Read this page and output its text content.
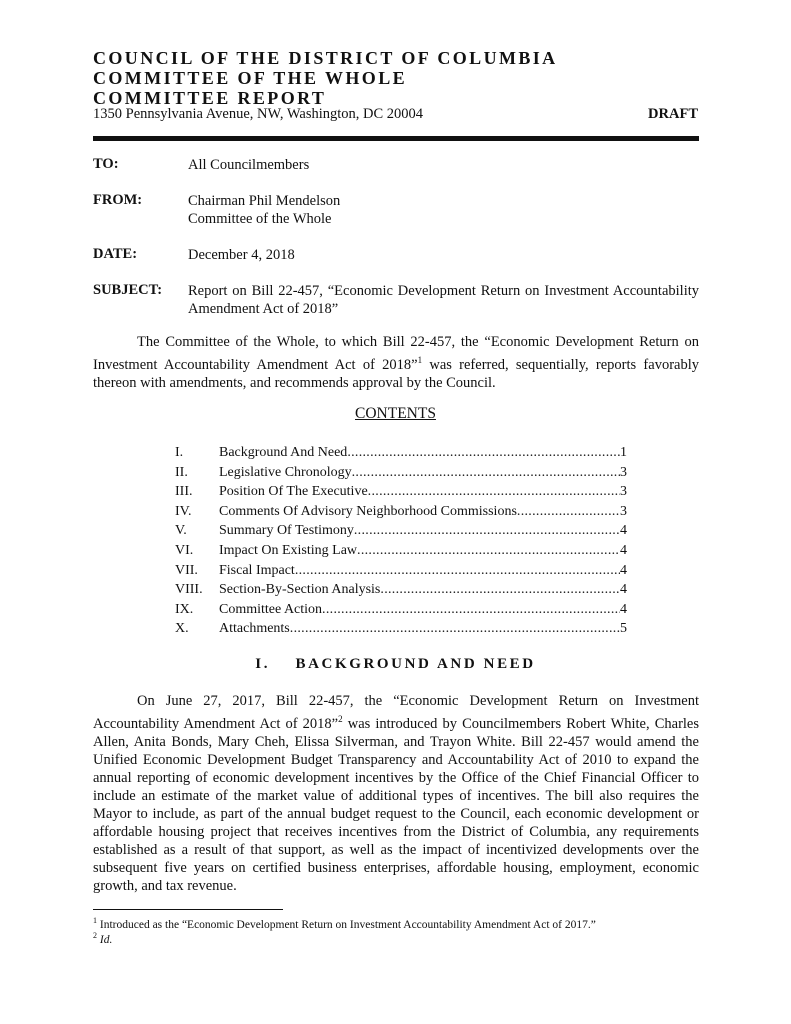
COUNCIL OF THE DISTRICT OF COLUMBIA
COMMITTEE OF THE WHOLE
COMMITTEE REPORT
1350 Pennsylvania Avenue, NW, Washington, DC 20004	DRAFT
TO:	All Councilmembers
FROM:	Chairman Phil Mendelson
Committee of the Whole
DATE:	December 4, 2018
SUBJECT: Report on Bill 22-457, “Economic Development Return on Investment Accountability Amendment Act of 2018”
The Committee of the Whole, to which Bill 22-457, the “Economic Development Return on Investment Accountability Amendment Act of 2018”$^1$ was referred, sequentially, reports favorably thereon with amendments, and recommends approval by the Council.
CONTENTS
I.	Background And Need .....	1
II.	Legislative Chronology .....	3
III.	Position Of The Executive .....	3
IV.	Comments Of Advisory Neighborhood Commissions .....	3
V.	Summary Of Testimony .....	4
VI.	Impact On Existing Law .....	4
VII.	Fiscal Impact .....	4
VIII.	Section-By-Section Analysis .....	4
IX.	Committee Action .....	4
X.	Attachments .....	5
I.    BACKGROUND AND NEED
On June 27, 2017, Bill 22-457, the “Economic Development Return on Investment Accountability Amendment Act of 2018”$^2$ was introduced by Councilmembers Robert White, Charles Allen, Anita Bonds, Mary Cheh, Elissa Silverman, and Trayon White. Bill 22-457 would amend the Unified Economic Development Budget Transparency and Accountability Act of 2010 to expand the annual reporting of economic development incentives by the Office of the Chief Financial Officer to include an estimate of the market value of additional types of incentives. The bill also requires the Mayor to include, as part of the annual budget request to the Council, each economic development or affordable housing project that receives incentives from the District of Columbia, any requirements established as a result of that support, as well as the impact of incentivized developments over the subsequent five years on certified business enterprises, affordable housing, employment, economic growth, and tax revenue.
$^1$ Introduced as the “Economic Development Return on Investment Accountability Amendment Act of 2017.”
$^2$ Id.
